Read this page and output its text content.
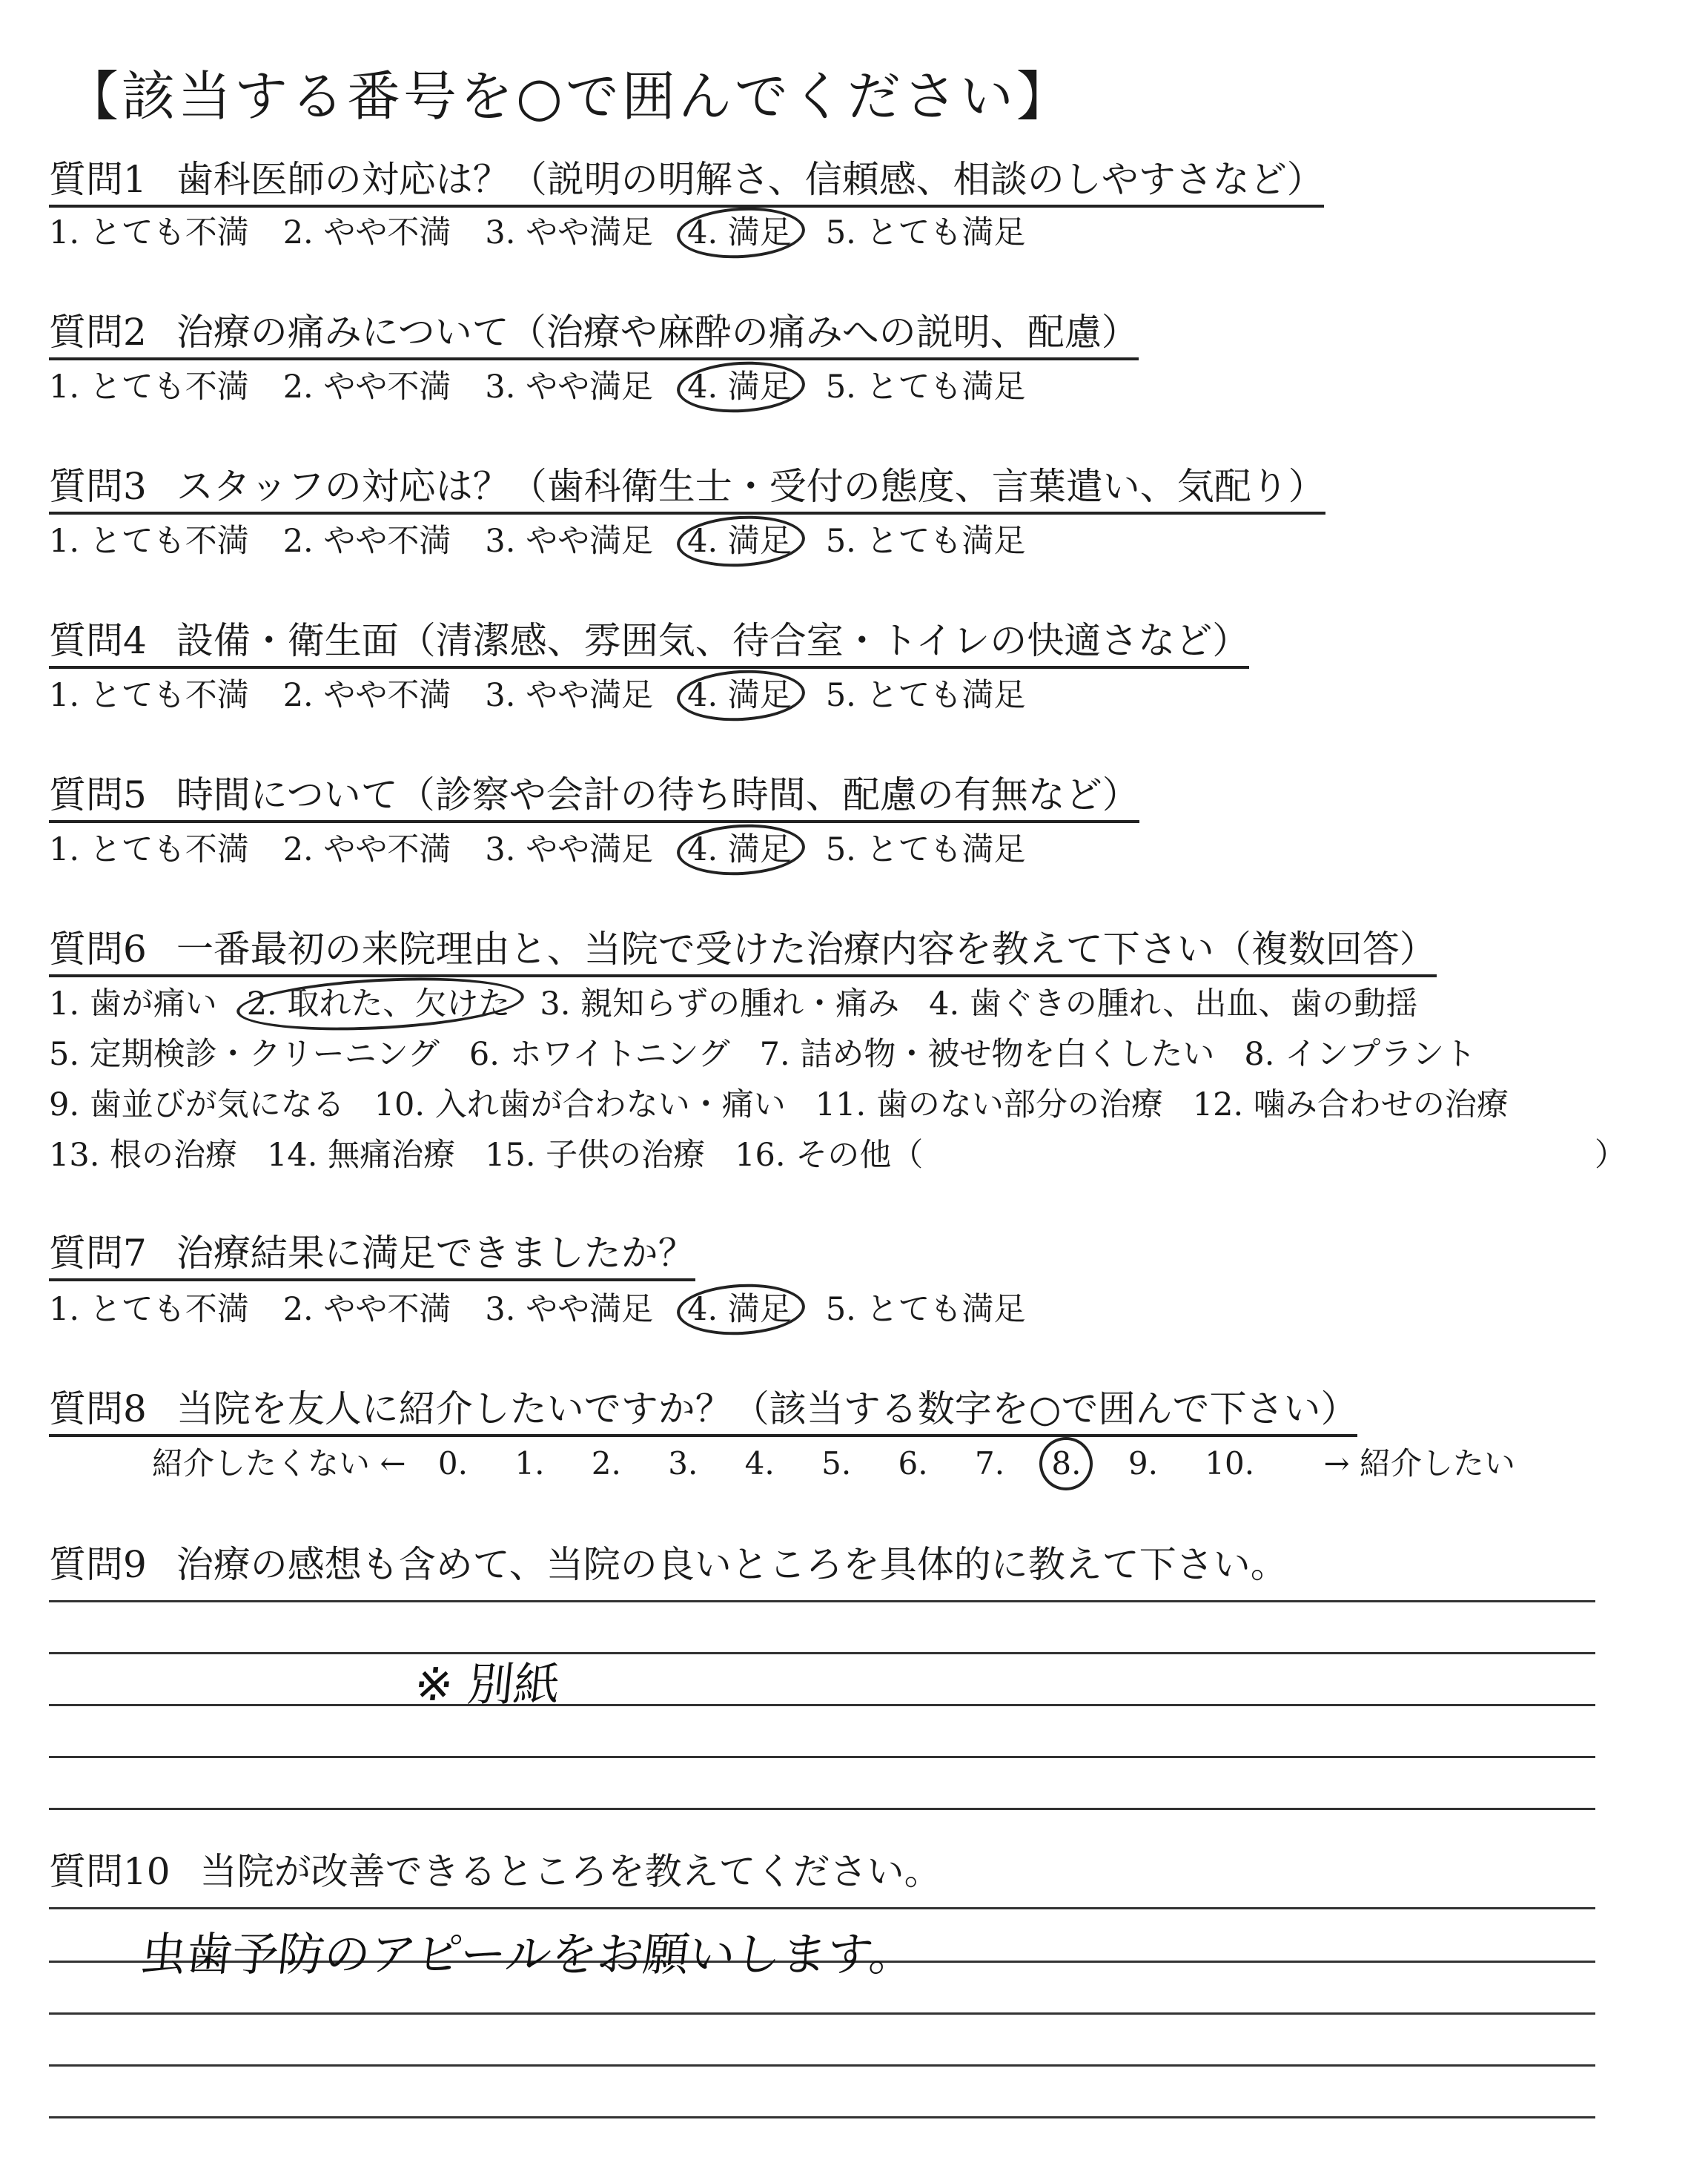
【該当する番号を○で囲んでください】
質問1 歯科医師の対応は？（説明の明解さ、信頼感、相談のしやすさなど）
1. とても不満 2. やや不満 3. やや満足 4. 満足 5. とても満足
質問2 治療の痛みについて（治療や麻酔の痛みへの説明、配慮）
1. とても不満 2. やや不満 3. やや満足 4. 満足 5. とても満足
質問3 スタッフの対応は？（歯科衛生士・受付の態度、言葉遣い、気配り）
1. とても不満 2. やや不満 3. やや満足 4. 満足 5. とても満足
質問4 設備・衛生面（清潔感、雰囲気、待合室・トイレの快適さなど）
1. とても不満 2. やや不満 3. やや満足 4. 満足 5. とても満足
質問5 時間について（診察や会計の待ち時間、配慮の有無など）
1. とても不満 2. やや不満 3. やや満足 4. 満足 5. とても満足
質問6 一番最初の来院理由と、当院で受けた治療内容を教えて下さい（複数回答）
1. 歯が痛い 2. 取れた、欠けた 3. 親知らずの腫れ・痛み 4. 歯ぐきの腫れ、出血、歯の動揺
5. 定期検診・クリーニング 6. ホワイトニング 7. 詰め物・被せ物を白くしたい 8. インプラント
9. 歯並びが気になる 10. 入れ歯が合わない・痛い 11. 歯のない部分の治療 12. 噛み合わせの治療
13. 根の治療 14. 無痛治療 15. 子供の治療 16. その他（	）
質問7 治療結果に満足できましたか？
1. とても不満 2. やや不満 3. やや満足 4. 満足 5. とても満足
質問8 当院を友人に紹介したいですか？（該当する数字を○で囲んで下さい）
紹介したくない ← 0. 1. 2. 3. 4. 5. 6. 7. 8. 9. 10. → 紹介したい
質問9 治療の感想も含めて、当院の良いところを具体的に教えて下さい。
※ 別紙
質問10 当院が改善できるところを教えてください。
虫歯予防のアピールをお願いします。
